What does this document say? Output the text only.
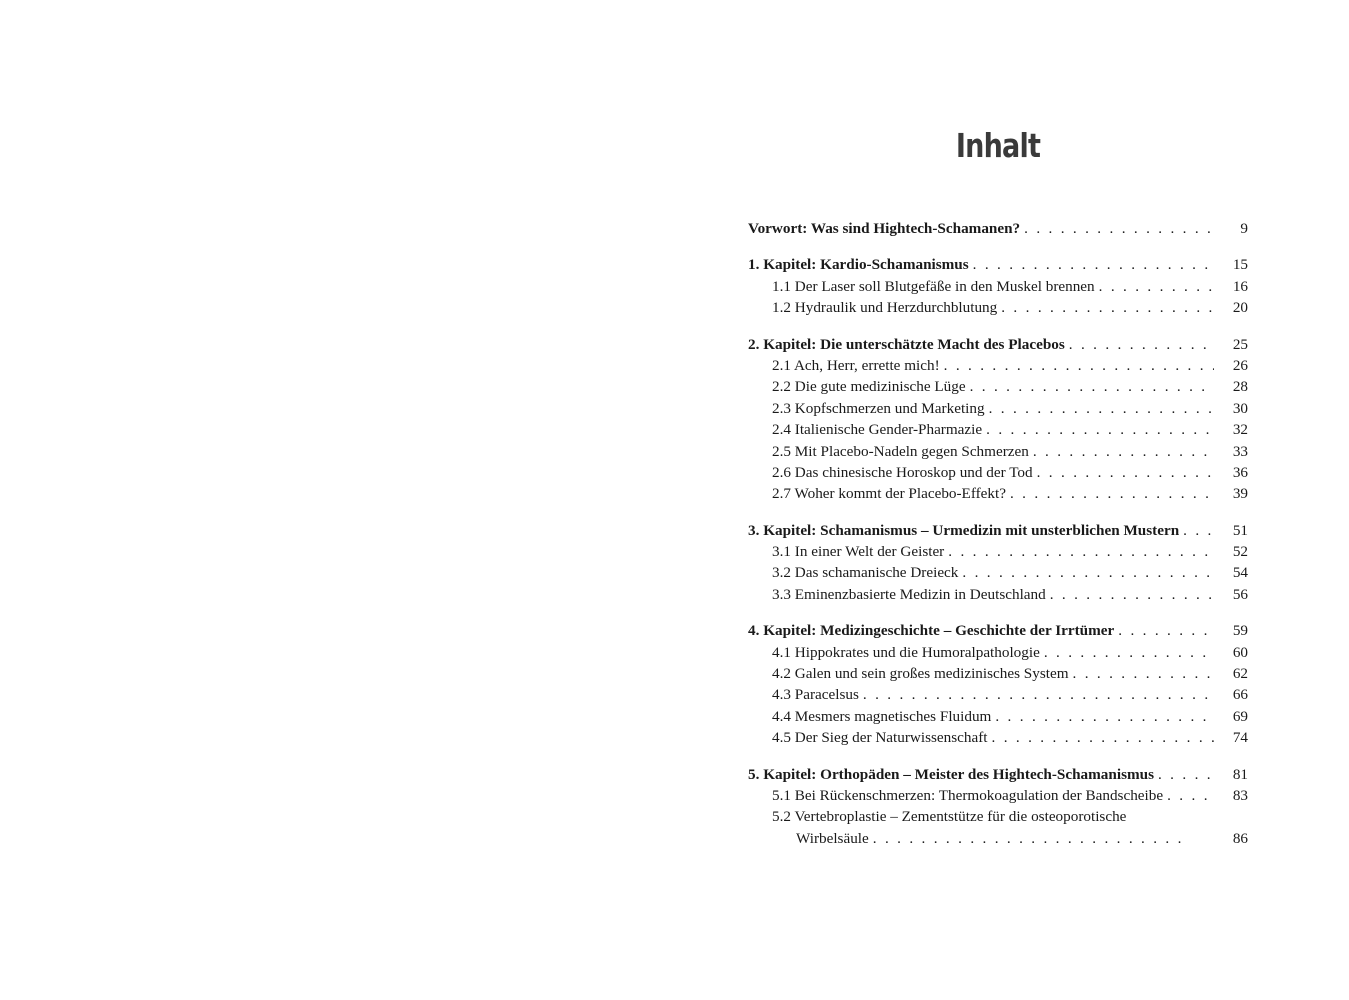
Inhalt
Vorwort: Was sind Hightech-Schamanen? . . .	9
1. Kapitel: Kardio-Schamanismus . . .	15
1.1 Der Laser soll Blutgefäße in den Muskel brennen . . .	16
1.2 Hydraulik und Herzdurchblutung . . .	20
2. Kapitel: Die unterschätzte Macht des Placebos . . .	25
2.1 Ach, Herr, errette mich! . . .	26
2.2 Die gute medizinische Lüge . . .	28
2.3 Kopfschmerzen und Marketing . . .	30
2.4 Italienische Gender-Pharmazie . . .	32
2.5 Mit Placebo-Nadeln gegen Schmerzen . . .	33
2.6 Das chinesische Horoskop und der Tod . . .	36
2.7 Woher kommt der Placebo-Effekt? . . .	39
3. Kapitel: Schamanismus – Urmedizin mit unsterblichen Mustern . . .	51
3.1 In einer Welt der Geister . . .	52
3.2 Das schamanische Dreieck . . .	54
3.3 Eminenzbasierte Medizin in Deutschland . . .	56
4. Kapitel: Medizingeschichte – Geschichte der Irrtümer . . .	59
4.1 Hippokrates und die Humoralpathologie . . .	60
4.2 Galen und sein großes medizinisches System . . .	62
4.3 Paracelsus . . .	66
4.4 Mesmers magnetisches Fluidum . . .	69
4.5 Der Sieg der Naturwissenschaft . . .	74
5. Kapitel: Orthopäden – Meister des Hightech-Schamanismus . . .	81
5.1 Bei Rückenschmerzen: Thermokoagulation der Bandscheibe . . .	83
5.2 Vertebroplastie – Zementstütze für die osteoporotische
Wirbelsäule . . .	86
